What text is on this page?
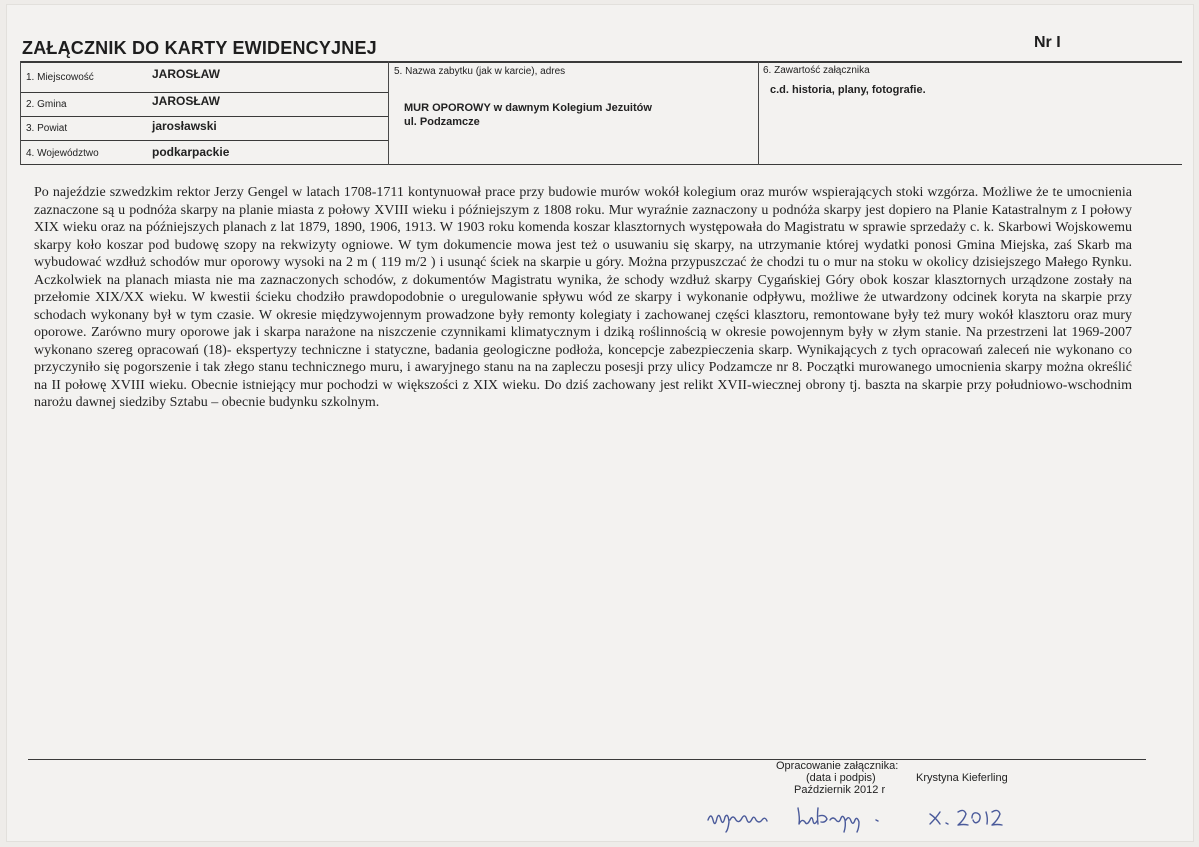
ZAŁĄCZNIK DO KARTY EWIDENCYJNEJ	Nr I
1. Miejscowość	JAROSŁAW
2. Gmina	JAROSŁAW
3. Powiat	jarosławski
4. Województwo	podkarpackie
5. Nazwa zabytku (jak w karcie), adres
MUR OPOROWY w dawnym Kolegium Jezuitów
ul. Podzamcze
6. Zawartość załącznika
c.d. historia, plany, fotografie.

Po najeździe szwedzkim rektor Jerzy Gengel w latach 1708-1711 kontynuował prace przy budowie murów wokół kolegium oraz murów wspierających stoki wzgórza. Możliwe że te umocnienia zaznaczone są u podnóża skarpy na planie miasta z połowy XVIII wieku i późniejszym z 1808 roku. Mur wyraźnie zaznaczony u podnóża skarpy jest dopiero na Planie Katastralnym z I połowy XIX wieku oraz na późniejszych planach z lat 1879, 1890, 1906, 1913. W 1903 roku komenda koszar klasztornych występowała do Magistratu w sprawie sprzedaży c. k. Skarbowi Wojskowemu skarpy koło koszar pod budowę szopy na rekwizyty ogniowe. W tym dokumencie mowa jest też o usuwaniu się skarpy, na utrzymanie której wydatki ponosi Gmina Miejska, zaś Skarb ma wybudować wzdłuż schodów mur oporowy wysoki na 2 m ( 119 m/2 ) i usunąć ściek na skarpie u góry. Można przypuszczać że chodzi tu o mur na stoku w okolicy dzisiejszego Małego Rynku. Aczkolwiek na planach miasta nie ma zaznaczonych schodów, z dokumentów Magistratu wynika, że schody wzdłuż skarpy Cygańskiej Góry obok koszar klasztornych urządzone zostały na przełomie XIX/XX wieku. W kwestii ścieku chodziło prawdopodobnie o uregulowanie spływu wód ze skarpy i wykonanie odpływu, możliwe że utwardzony odcinek koryta na skarpie przy schodach wykonany był w tym czasie. W okresie międzywojennym prowadzone były remonty kolegiaty i zachowanej części klasztoru, remontowane były też mury wokół klasztoru oraz mury oporowe. Zarówno mury oporowe jak i skarpa narażone na niszczenie czynnikami klimatycznym i dziką roślinnością w okresie powojennym były w złym stanie. Na przestrzeni lat 1969-2007 wykonano szereg opracowań (18)- ekspertyzy techniczne i statyczne, badania geologiczne podłoża, koncepcje zabezpieczenia skarp. Wynikających z tych opracowań zaleceń nie wykonano co przyczyniło się pogorszenie i tak złego stanu technicznego muru, i awaryjnego stanu na na zapleczu posesji przy ulicy Podzamcze nr 8. Początki murowanego umocnienia skarpy można określić na II połowę XVIII wieku. Obecnie istniejący mur pochodzi w większości z XIX wieku. Do dziś zachowany jest relikt XVII-wiecznej obrony tj. baszta na skarpie przy południowo-wschodnim narożu dawnej siedziby Sztabu – obecnie budynku szkolnym.

Opracowanie załącznika:
(data i podpis)	Krystyna Kieferling
Październik 2012 r
